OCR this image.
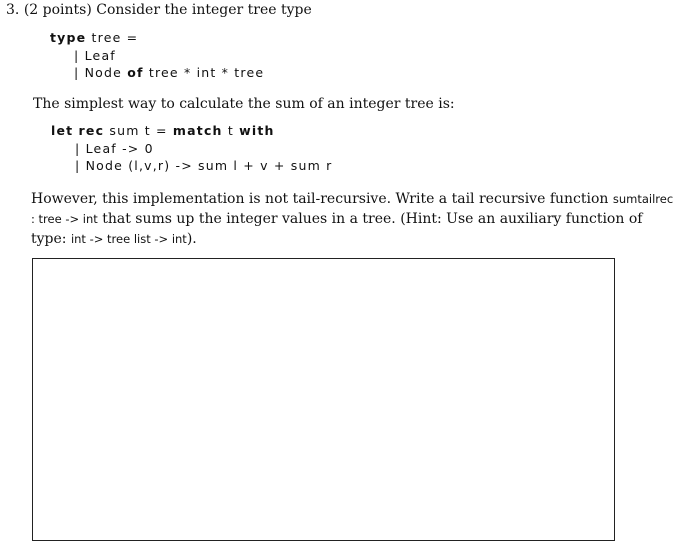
3. (2 points) Consider the integer tree type
type tree =
| Leaf
| Node of tree * int * tree
The simplest way to calculate the sum of an integer tree is:
let rec sum t = match t with
| Leaf -> 0
| Node (l,v,r) -> sum l + v + sum r
However, this implementation is not tail-recursive. Write a tail recursive function sumtailrec
: tree -> int that sums up the integer values in a tree. (Hint: Use an auxiliary function of
type: int -> tree list -> int).
